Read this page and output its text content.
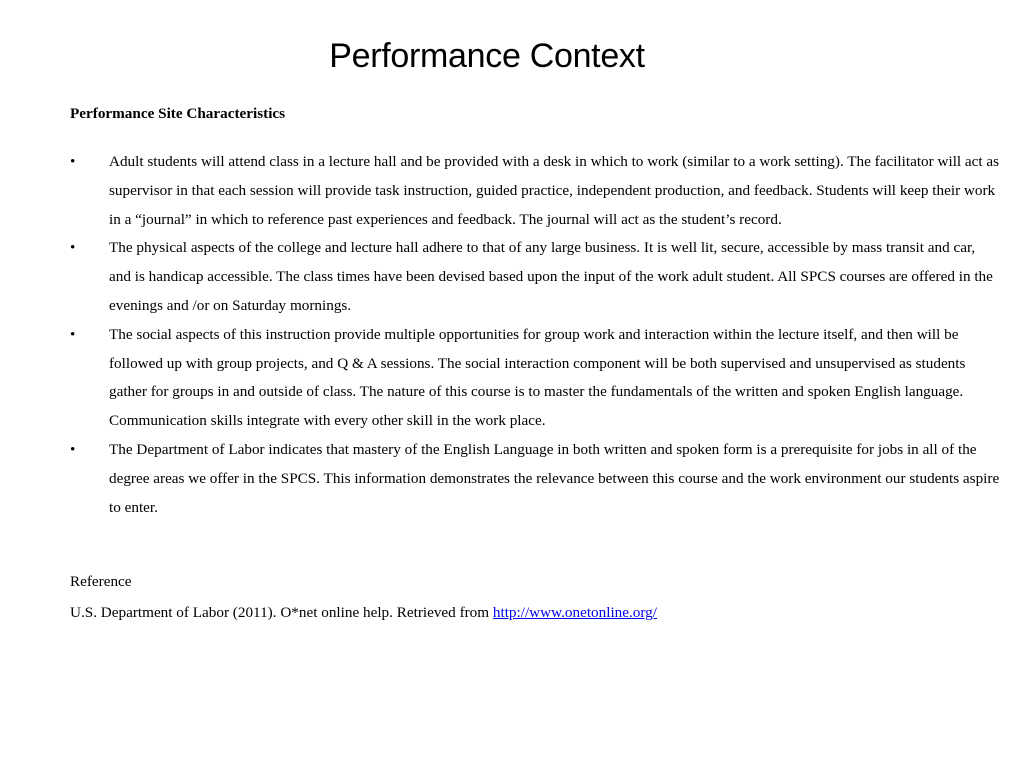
Performance Context

Performance Site Characteristics

•	Adult students will attend class in a lecture hall and be provided with a desk in which to work (similar to a work setting). The facilitator will act as supervisor in that each session will provide task instruction, guided practice, independent production, and feedback. Students will keep their work in a “journal” in which to reference past experiences and feedback. The journal will act as the student’s record.
•	The physical aspects of the college and lecture hall adhere to that of any large business. It is well lit, secure, accessible by mass transit and car, and is handicap accessible. The class times have been devised based upon the input of the work adult student. All SPCS courses are offered in the evenings and /or on Saturday mornings.
•	The social aspects of this instruction provide multiple opportunities for group work and interaction within the lecture itself, and then will be followed up with group projects, and Q & A sessions. The social interaction component will be both supervised and unsupervised as students gather for groups in and outside of class. The nature of this course is to master the fundamentals of the written and spoken English language. Communication skills integrate with every other skill in the work place.
•	The Department of Labor indicates that mastery of the English Language in both written and spoken form is a prerequisite for jobs in all of the degree areas we offer in the SPCS. This information demonstrates the relevance between this course and the work environment our students aspire to enter.

Reference

U.S. Department of Labor (2011). O*net online help. Retrieved from http://www.onetonline.org/
